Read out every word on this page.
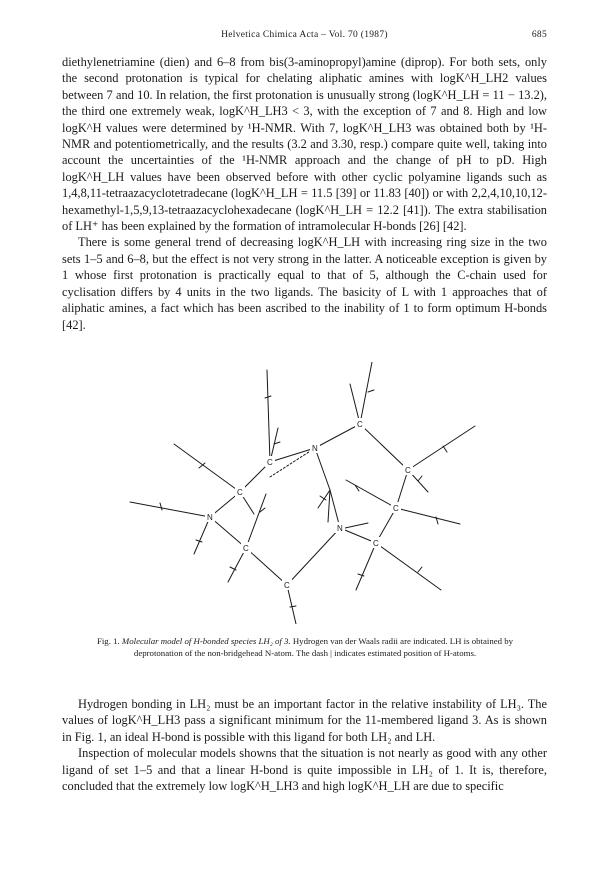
Helvetica Chimica Acta – Vol. 70 (1987)	685

diethylenetriamine (dien) and 6–8 from bis(3-aminopropyl)amine (diprop). For both sets, only the second protonation is typical for chelating aliphatic amines with logK^H_LH2 values between 7 and 10. In relation, the first protonation is unusually strong (logK^H_LH = 11 − 13.2), the third one extremely weak, logK^H_LH3 < 3, with the exception of 7 and 8. High and low logK^H values were determined by ¹H-NMR. With 7, logK^H_LH3 was obtained both by ¹H-NMR and potentiometrically, and the results (3.2 and 3.30, resp.) compare quite well, taking into account the uncertainties of the ¹H-NMR approach and the change of pH to pD. High logK^H_LH values have been observed before with other cyclic polyamine ligands such as 1,4,8,11-tetraazacyclotetradecane (logK^H_LH = 11.5 [39] or 11.83 [40]) or with 2,2,4,10,10,12-hexamethyl-1,5,9,13-tetraazacyclohexadecane (logK^H_LH = 12.2 [41]). The extra stabilisation of LH⁺ has been explained by the formation of intramolecular H-bonds [26] [42].

There is some general trend of decreasing logK^H_LH with increasing ring size in the two sets 1–5 and 6–8, but the effect is not very strong in the latter. A noticeable exception is given by 1 whose first protonation is practically equal to that of 5, although the C-chain used for cyclisation differs by 4 units in the two ligands. The basicity of L with 1 approaches that of aliphatic amines, a fact which has been ascribed to the inability of 1 to form optimum H-bonds [42].

C
C
C
C
C
C
C
C
N
N
N
Fig. 1. Molecular model of H-bonded species LH₂ of 3. Hydrogen van der Waals radii are indicated. LH is obtained by deprotonation of the non-bridgehead N-atom. The dash | indicates estimated position of H-atoms.

Hydrogen bonding in LH₂ must be an important factor in the relative instability of LH₃. The values of logK^H_LH3 pass a significant minimum for the 11-membered ligand 3. As is shown in Fig. 1, an ideal H-bond is possible with this ligand for both LH₂ and LH.

Inspection of molecular models showns that the situation is not nearly as good with any other ligand of set 1–5 and that a linear H-bond is quite impossible in LH₂ of 1. It is, therefore, concluded that the extremely low logK^H_LH3 and high logK^H_LH are due to specific
